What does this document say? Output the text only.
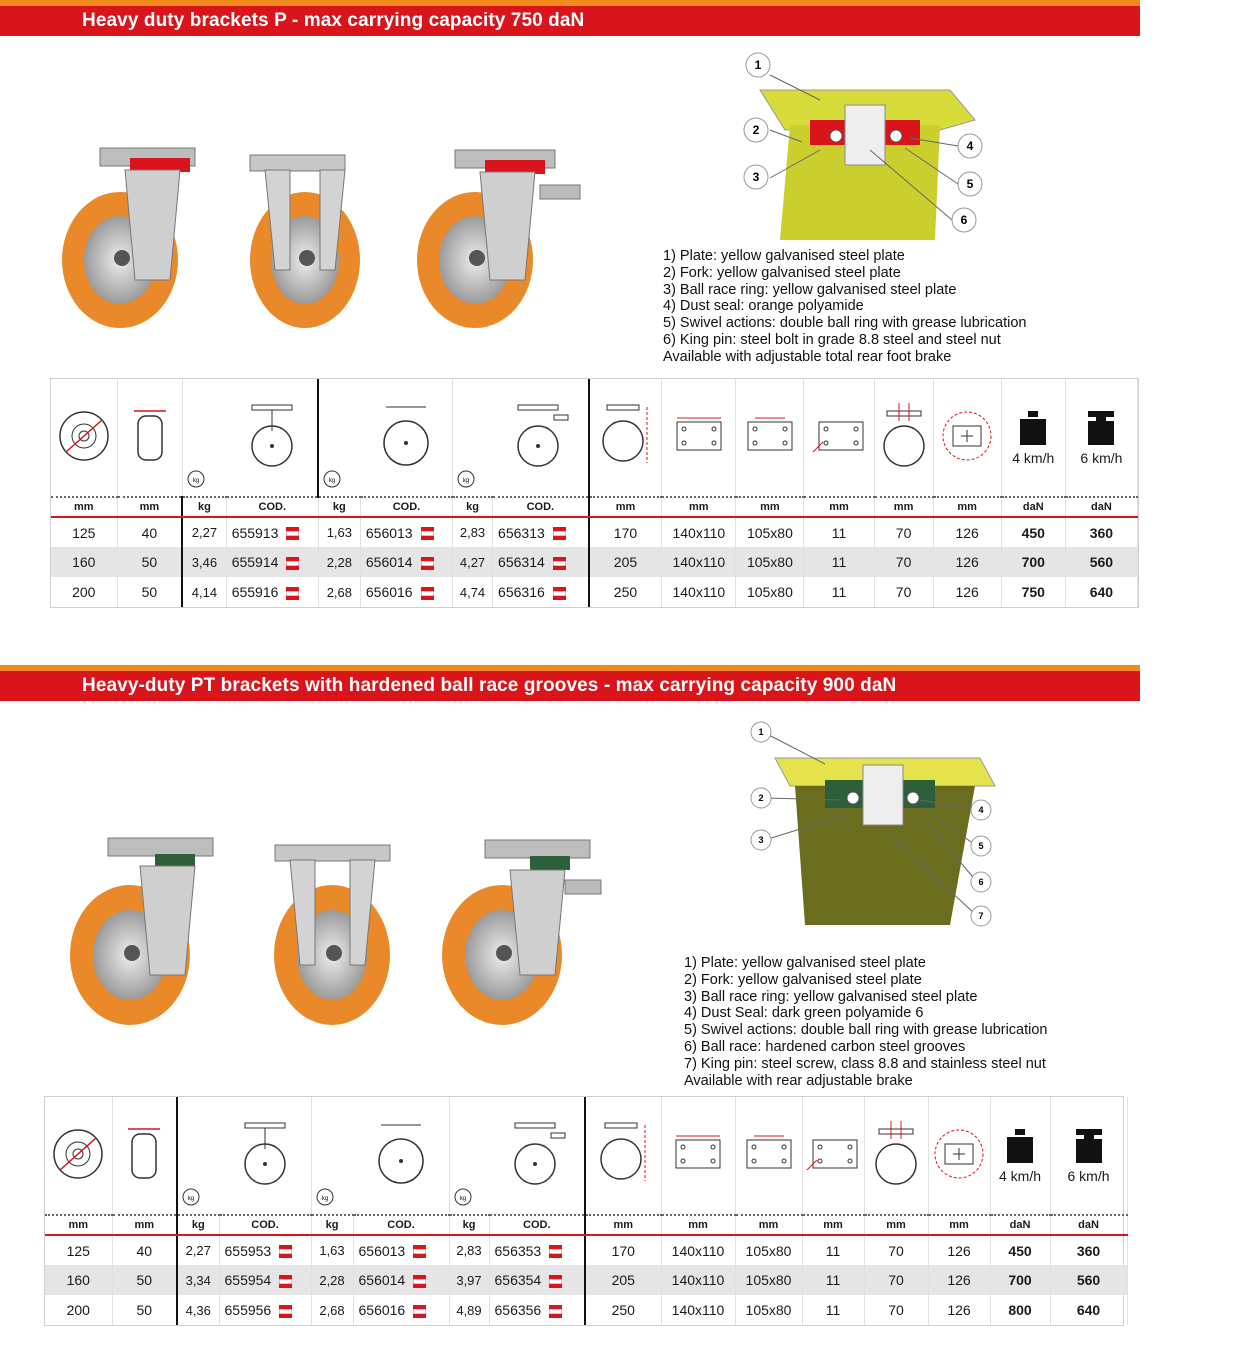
Heavy duty brackets P - max carrying capacity 750 daN
1
2
3
4
5
6
1) Plate: yellow galvanised steel plate
2) Fork: yellow galvanised steel plate
3) Ball race ring: yellow galvanised steel plate
4) Dust seal: orange polyamide
5) Swivel actions: double ball ring with grease lubrication
6) King pin: steel bolt in grade 8.8 steel and steel nut
Available with adjustable total rear foot brake

kg		kg		kg								4 km/h	6 km/h

mm	mm	kg	COD.	kg	COD.	kg	COD.	mm	mm	mm	mm	mm	mm	daN	daN
125	40	2,27	655913	1,63	656013	2,83	656313	170	140x110	105x80	11	70	126	450	360
160	50	3,46	655914	2,28	656014	4,27	656314	205	140x110	105x80	11	70	126	700	560
200	50	4,14	655916	2,68	656016	4,74	656316	250	140x110	105x80	11	70	126	750	640
Heavy-duty PT brackets with hardened ball race grooves - max carrying capacity 900 daN
1
2
3
4
5
6
7
1) Plate: yellow galvanised steel plate
2) Fork: yellow galvanised steel plate
3) Ball race ring: yellow galvanised steel plate
4) Dust Seal: dark green polyamide 6
5) Swivel actions: double ball ring with grease lubrication
6) Ball race: hardened carbon steel grooves
7) King pin: steel screw, class 8.8 and stainless steel nut
Available with rear adjustable brake

kg		kg		kg								4 km/h	6 km/h

mm	mm	kg	COD.	kg	COD.	kg	COD.	mm	mm	mm	mm	mm	mm	daN	daN
125	40	2,27	655953	1,63	656013	2,83	656353	170	140x110	105x80	11	70	126	450	360
160	50	3,34	655954	2,28	656014	3,97	656354	205	140x110	105x80	11	70	126	700	560
200	50	4,36	655956	2,68	656016	4,89	656356	250	140x110	105x80	11	70	126	800	640
